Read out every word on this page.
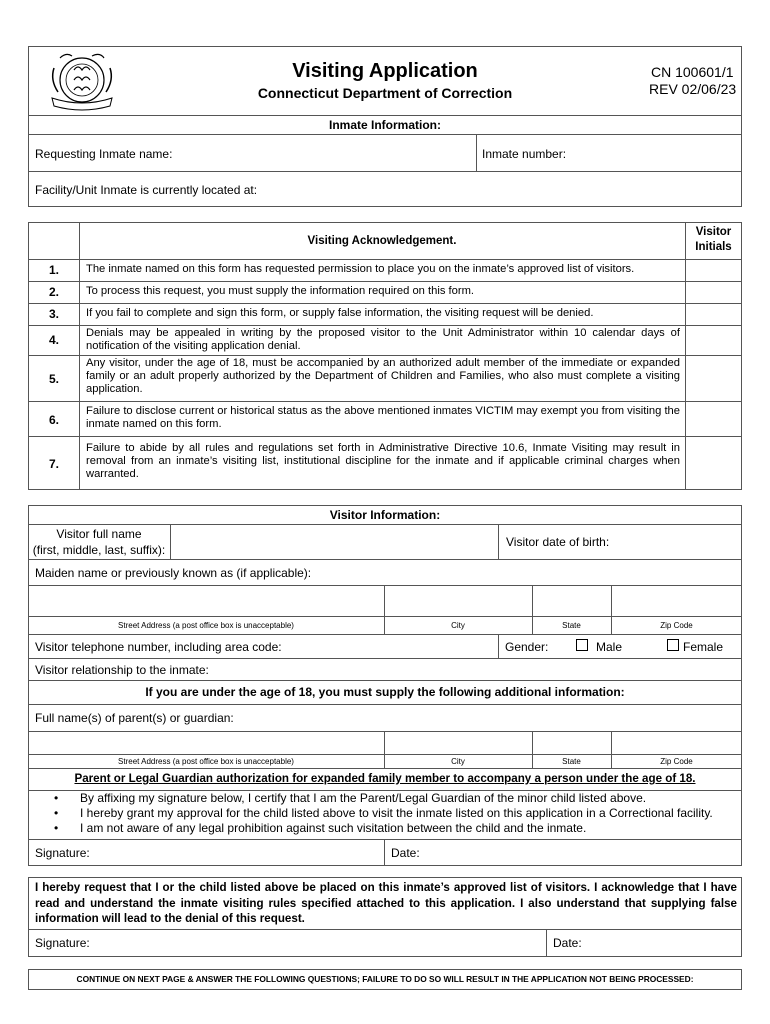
Visiting Application
Connecticut Department of Correction
CN 100601/1
REV 02/06/23
Inmate Information:
Requesting Inmate name:	Inmate number:
Facility/Unit Inmate is currently located at:
Visiting Acknowledgement.
Visitor
Initials
1.	The inmate named on this form has requested permission to place you on the inmate’s approved list of visitors.
2.	To process this request, you must supply the information required on this form.
3.	If you fail to complete and sign this form, or supply false information, the visiting request will be denied.
4.	Denials may be appealed in writing by the proposed visitor to the Unit Administrator within 10 calendar days of notification of the visiting application denial.
5.
Any visitor, under the age of 18, must be accompanied by an authorized adult member of the immediate or expanded family or an adult properly authorized by the Department of Children and Families, who also must complete a visiting application.
6.
Failure to disclose current or historical status as the above mentioned inmates VICTIM may exempt you from visiting the inmate named on this form.
7.
Failure to abide by all rules and regulations set forth in Administrative Directive 10.6, Inmate Visiting may result in removal from an inmate’s visiting list, institutional discipline for the inmate and if applicable criminal charges when warranted.
Visitor Information:
Visitor full name
(first, middle, last, suffix):
Visitor date of birth:
Maiden name or previously known as (if applicable):
Street Address (a post office box is unacceptable)	City	State	Zip Code
Visitor telephone number, including area code:	Gender:	Male	Female
Visitor relationship to the inmate:
If you are under the age of 18, you must supply the following additional information:
Full name(s) of parent(s) or guardian:
Street Address (a post office box is unacceptable)	City	State	Zip Code
Parent or Legal Guardian authorization for expanded family member to accompany a person under the age of 18.
• By affixing my signature below, I certify that I am the Parent/Legal Guardian of the minor child listed above.
• I hereby grant my approval for the child listed above to visit the inmate listed on this application in a Correctional facility.
• I am not aware of any legal prohibition against such visitation between the child and the inmate.
Signature:	Date:
I hereby request that I or the child listed above be placed on this inmate’s approved list of visitors. I acknowledge that I have read and understand the inmate visiting rules specified attached to this application. I also understand that supplying false information will lead to the denial of this request.
Signature:	Date:
CONTINUE ON NEXT PAGE & ANSWER THE FOLLOWING QUESTIONS; FAILURE TO DO SO WILL RESULT IN THE APPLICATION NOT BEING PROCESSED:
